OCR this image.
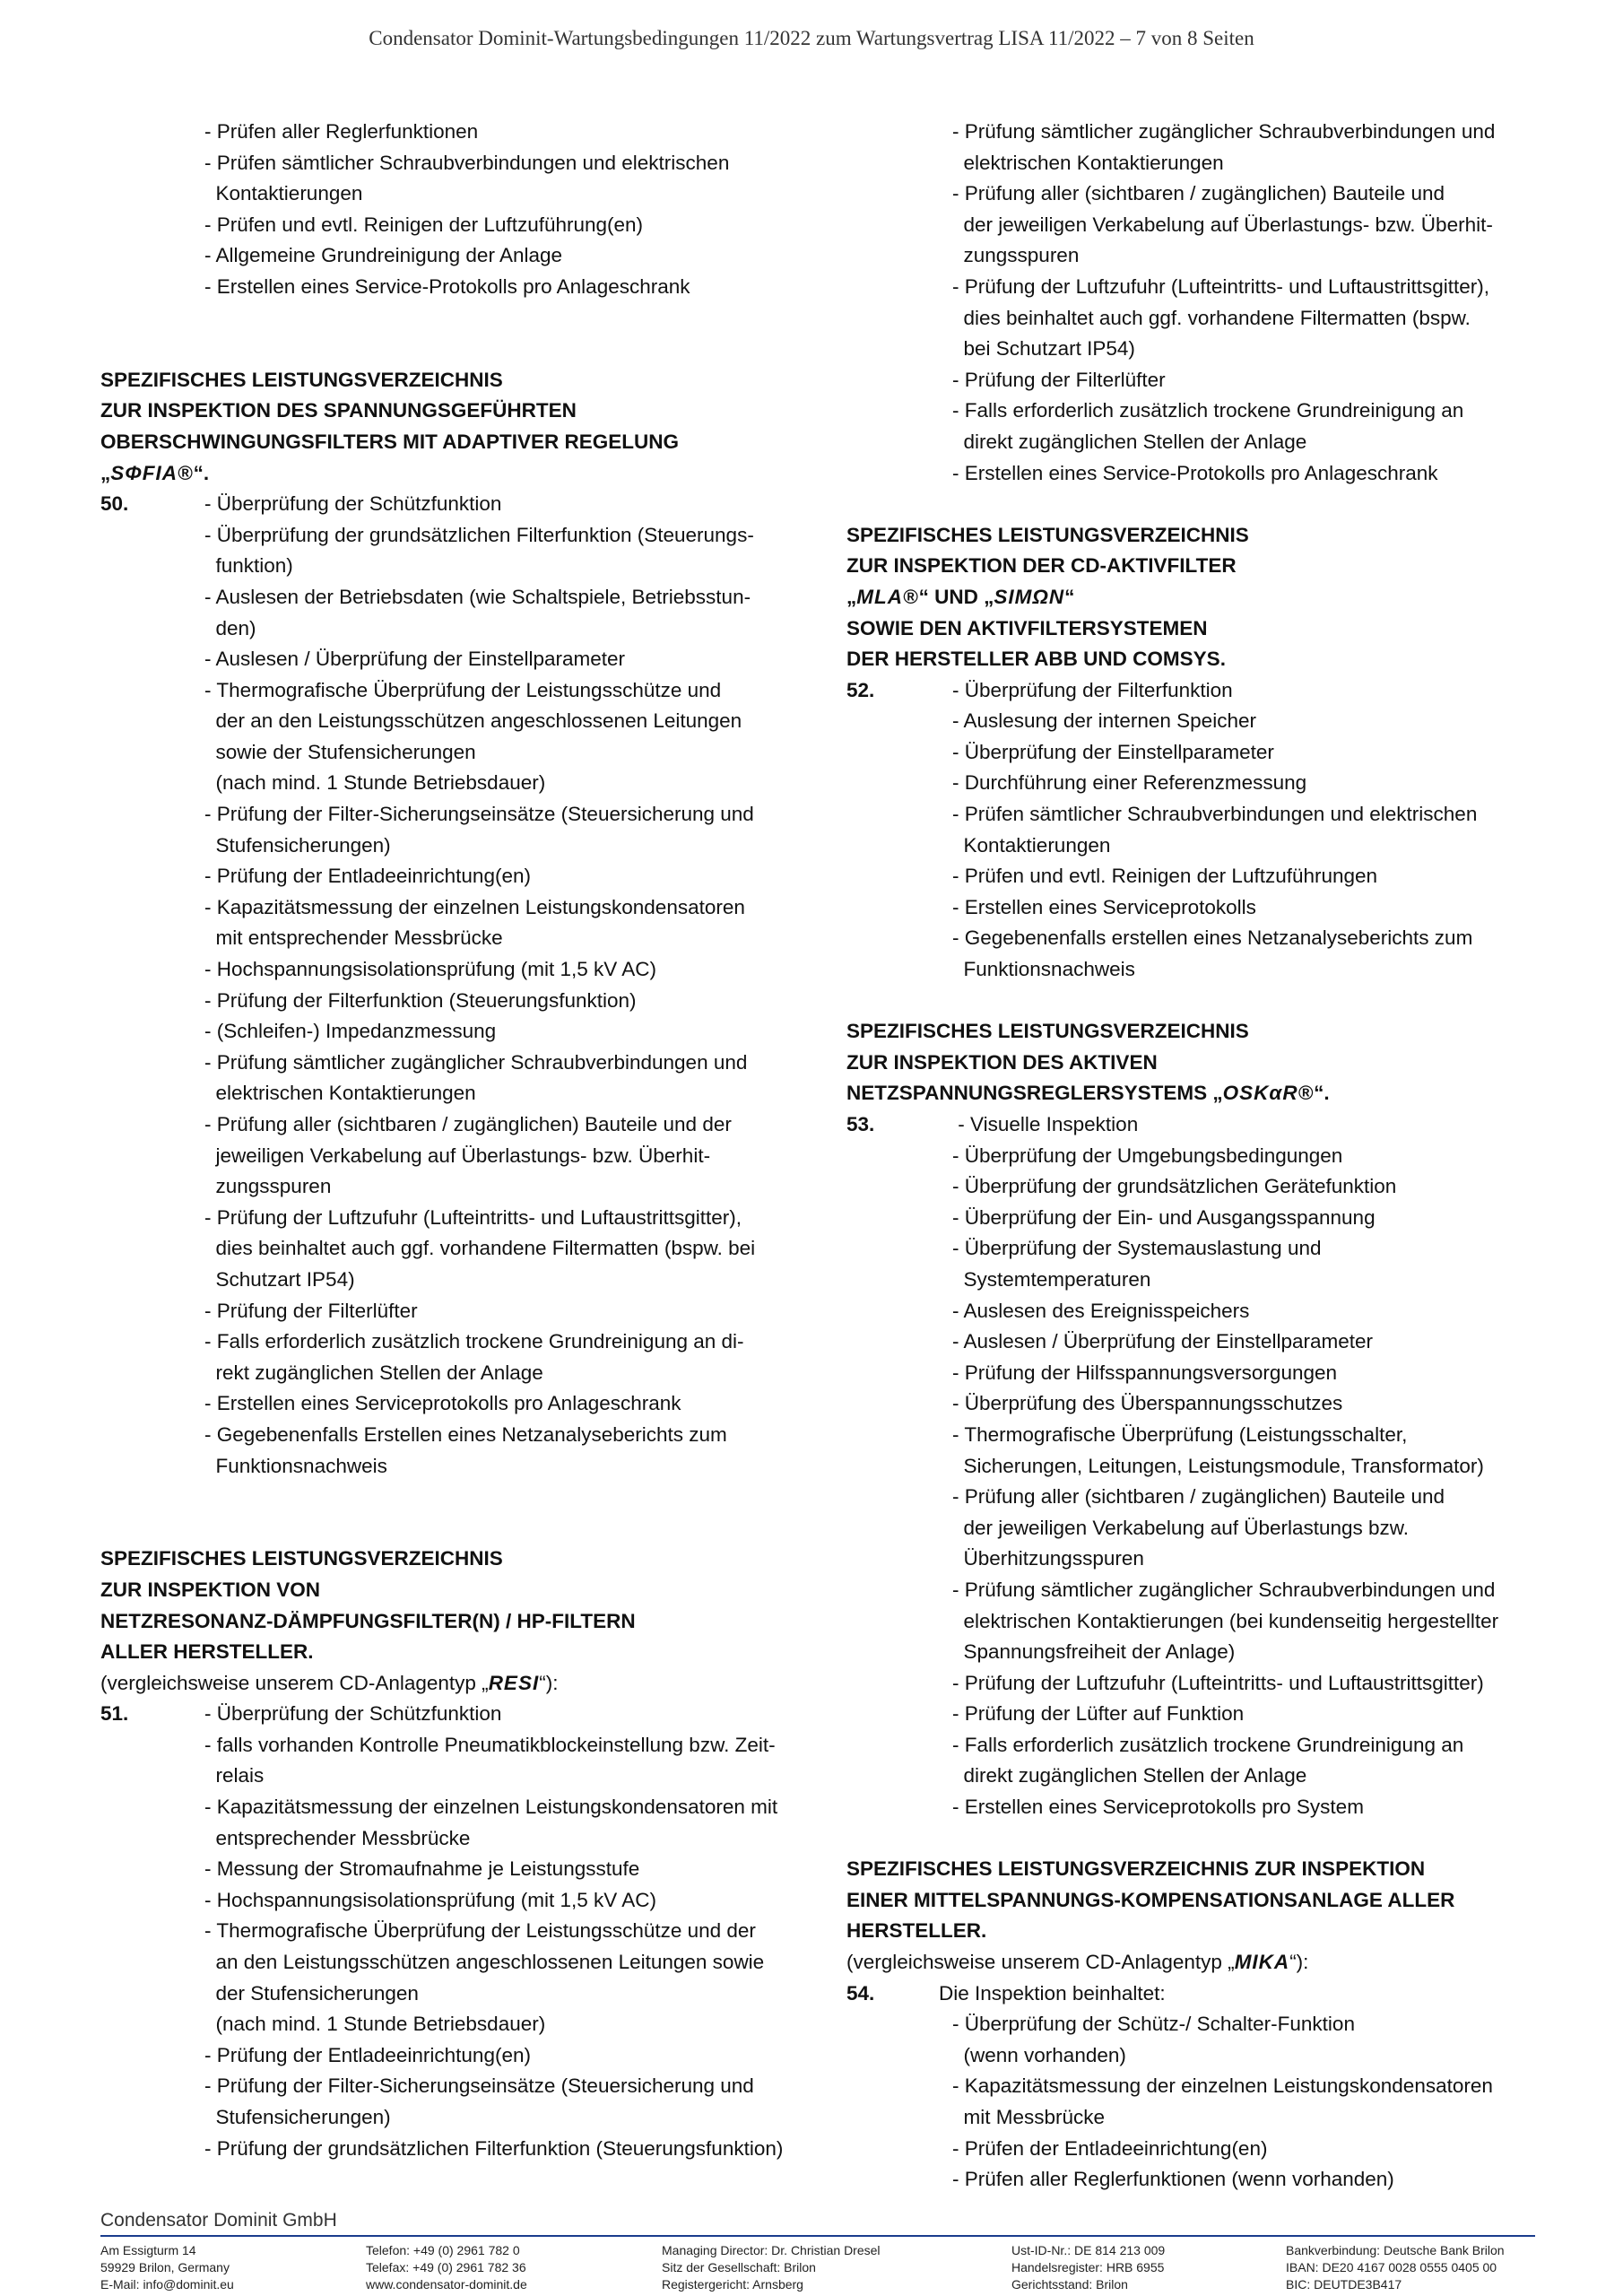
Condensator Dominit-Wartungsbedingungen 11/2022 zum Wartungsvertrag LISA 11/2022 – 7 von 8 Seiten
- Prüfen aller Reglerfunktionen
- Prüfen sämtlicher Schraubverbindungen und elektrischen
Kontaktierungen
- Prüfen und evtl. Reinigen der Luftzuführung(en)
- Allgemeine Grundreinigung der Anlage
- Erstellen eines Service-Protokolls pro Anlageschrank
SPEZIFISCHES LEISTUNGSVERZEICHNIS
ZUR INSPEKTION DES SPANNUNGSGEFÜHRTEN
OBERSCHWINGUNGSFILTERS MIT ADAPTIVER REGELUNG
„SΦFIA®“.
50.	- Überprüfung der Schützfunktion
- Überprüfung der grundsätzlichen Filterfunktion (Steuerungs-
funktion)
- Auslesen der Betriebsdaten (wie Schaltspiele, Betriebsstun-
den)
- Auslesen / Überprüfung der Einstellparameter
- Thermografische Überprüfung der Leistungsschütze und
der an den Leistungsschützen angeschlossenen Leitungen
sowie der Stufensicherungen
(nach mind. 1 Stunde Betriebsdauer)
- Prüfung der Filter-Sicherungseinsätze (Steuersicherung und
Stufensicherungen)
- Prüfung der Entladeeinrichtung(en)
- Kapazitätsmessung der einzelnen Leistungskondensatoren
mit entsprechender Messbrücke
- Hochspannungsisolationsprüfung (mit 1,5 kV AC)
- Prüfung der Filterfunktion (Steuerungsfunktion)
- (Schleifen-) Impedanzmessung
- Prüfung sämtlicher zugänglicher Schraubverbindungen und
elektrischen Kontaktierungen
- Prüfung aller (sichtbaren / zugänglichen) Bauteile und der
jeweiligen Verkabelung auf Überlastungs- bzw. Überhit-
zungsspuren
- Prüfung der Luftzufuhr (Lufteintritts- und Luftaustrittsgitter),
dies beinhaltet auch ggf. vorhandene Filtermatten (bspw. bei
Schutzart IP54)
- Prüfung der Filterlüfter
- Falls erforderlich zusätzlich trockene Grundreinigung an di-
rekt zugänglichen Stellen der Anlage
- Erstellen eines Serviceprotokolls pro Anlageschrank
- Gegebenenfalls Erstellen eines Netzanalyseberichts zum
Funktionsnachweis
SPEZIFISCHES LEISTUNGSVERZEICHNIS
ZUR INSPEKTION VON
NETZRESONANZ-DÄMPFUNGSFILTER(N) / HP-FILTERN
ALLER HERSTELLER.
(vergleichsweise unserem CD-Anlagentyp „RESI“):
51.	- Überprüfung der Schützfunktion
- falls vorhanden Kontrolle Pneumatikblockeinstellung bzw. Zeit-
relais
- Kapazitätsmessung der einzelnen Leistungskondensatoren mit
entsprechender Messbrücke
- Messung der Stromaufnahme je Leistungsstufe
- Hochspannungsisolationsprüfung (mit 1,5 kV AC)
- Thermografische Überprüfung der Leistungsschütze und der
an den Leistungsschützen angeschlossenen Leitungen sowie
der Stufensicherungen
(nach mind. 1 Stunde Betriebsdauer)
- Prüfung der Entladeeinrichtung(en)
- Prüfung der Filter-Sicherungseinsätze (Steuersicherung und
Stufensicherungen)
- Prüfung der grundsätzlichen Filterfunktion (Steuerungsfunktion)
- Prüfung sämtlicher zugänglicher Schraubverbindungen und
elektrischen Kontaktierungen
- Prüfung aller (sichtbaren / zugänglichen) Bauteile und
der jeweiligen Verkabelung auf Überlastungs- bzw. Überhit-
zungsspuren
- Prüfung der Luftzufuhr (Lufteintritts- und Luftaustrittsgitter),
dies beinhaltet auch ggf. vorhandene Filtermatten (bspw.
bei Schutzart IP54)
- Prüfung der Filterlüfter
- Falls erforderlich zusätzlich trockene Grundreinigung an
direkt zugänglichen Stellen der Anlage
- Erstellen eines Service-Protokolls pro Anlageschrank
SPEZIFISCHES LEISTUNGSVERZEICHNIS
ZUR INSPEKTION DER CD-AKTIVFILTER
„MLA®“ UND „SIMΩN“
SOWIE DEN AKTIVFILTERSYSTEMEN
DER HERSTELLER ABB UND COMSYS.
52.	- Überprüfung der Filterfunktion
- Auslesung der internen Speicher
- Überprüfung der Einstellparameter
- Durchführung einer Referenzmessung
- Prüfen sämtlicher Schraubverbindungen und elektrischen
Kontaktierungen
- Prüfen und evtl. Reinigen der Luftzuführungen
- Erstellen eines Serviceprotokolls
- Gegebenenfalls erstellen eines Netzanalyseberichts zum
Funktionsnachweis
SPEZIFISCHES LEISTUNGSVERZEICHNIS
ZUR INSPEKTION DES AKTIVEN
NETZSPANNUNGSREGLERSYSTEMS „OSKαR®“.
53.	- Visuelle Inspektion
- Überprüfung der Umgebungsbedingungen
- Überprüfung der grundsätzlichen Gerätefunktion
- Überprüfung der Ein- und Ausgangsspannung
- Überprüfung der Systemauslastung und
Systemtemperaturen
- Auslesen des Ereignisspeichers
- Auslesen / Überprüfung der Einstellparameter
- Prüfung der Hilfsspannungsversorgungen
- Überprüfung des Überspannungsschutzes
- Thermografische Überprüfung (Leistungsschalter,
Sicherungen, Leitungen, Leistungsmodule, Transformator)
- Prüfung aller (sichtbaren / zugänglichen) Bauteile und
der jeweiligen Verkabelung auf Überlastungs bzw.
Überhitzungsspuren
- Prüfung sämtlicher zugänglicher Schraubverbindungen und
elektrischen Kontaktierungen (bei kundenseitig hergestellter
Spannungsfreiheit der Anlage)
- Prüfung der Luftzufuhr (Lufteintritts- und Luftaustrittsgitter)
- Prüfung der Lüfter auf Funktion
- Falls erforderlich zusätzlich trockene Grundreinigung an
direkt zugänglichen Stellen der Anlage
- Erstellen eines Serviceprotokolls pro System
SPEZIFISCHES LEISTUNGSVERZEICHNIS ZUR INSPEKTION
EINER MITTELSPANNUNGS-KOMPENSATIONSANLAGE ALLER
HERSTELLER.
(vergleichsweise unserem CD-Anlagentyp „MIKA“):
54.	Die Inspektion beinhaltet:
- Überprüfung der Schütz-/ Schalter-Funktion
(wenn vorhanden)
- Kapazitätsmessung der einzelnen Leistungskondensatoren
mit Messbrücke
- Prüfen der Entladeeinrichtung(en)
- Prüfen aller Reglerfunktionen (wenn vorhanden)
Condensator Dominit GmbH
Am Essigturm 14
59929 Brilon, Germany
E-Mail: info@dominit.eu
Telefon: +49 (0) 2961 782 0
Telefax: +49 (0) 2961 782 36
www.condensator-dominit.de
Managing Director: Dr. Christian Dresel
Sitz der Gesellschaft: Brilon
Registergericht: Arnsberg
Ust-ID-Nr.: DE 814 213 009
Handelsregister: HRB 6955
Gerichtsstand: Brilon
Bankverbindung: Deutsche Bank Brilon
IBAN: DE20 4167 0028 0555 0405 00
BIC: DEUTDE3B417
